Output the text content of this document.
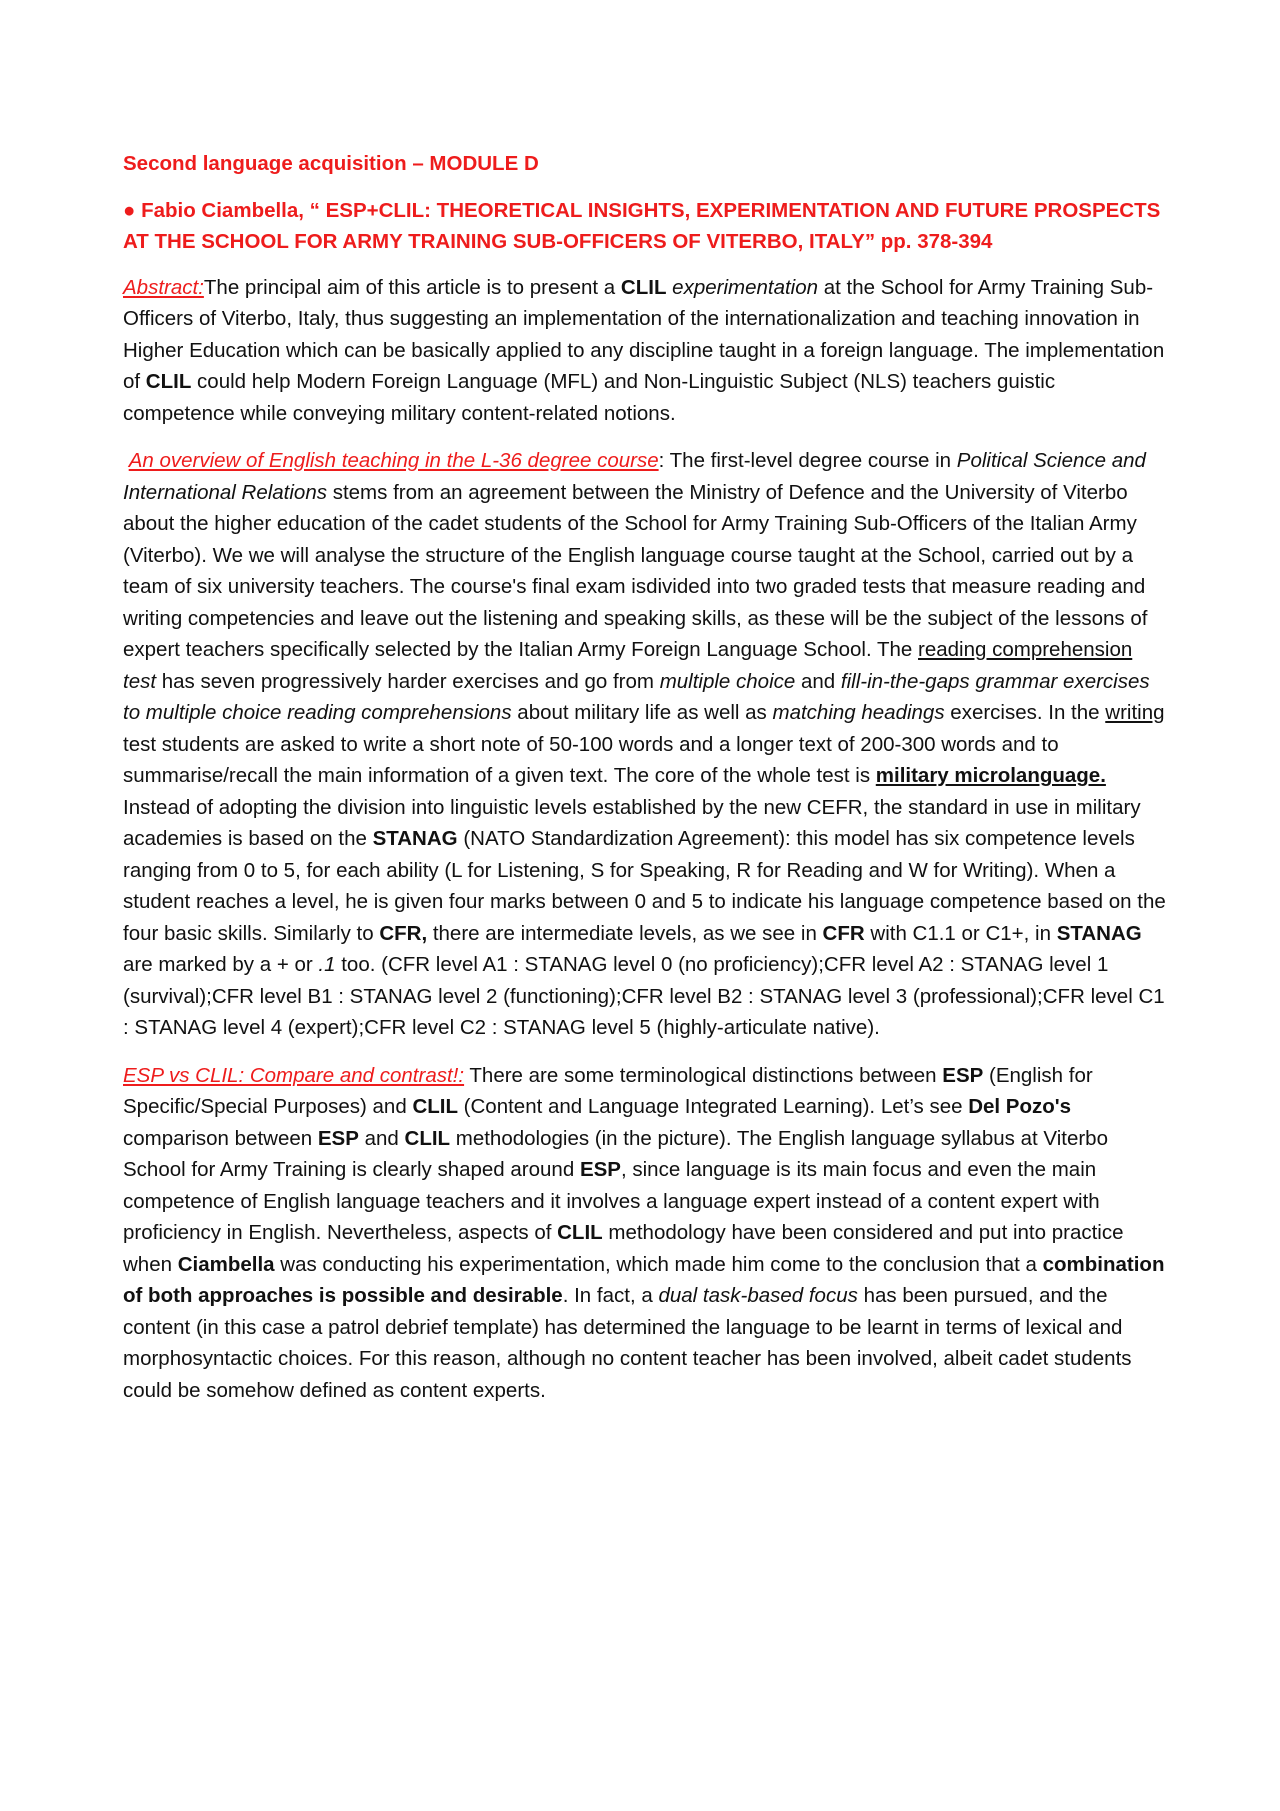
Second language acquisition – MODULE D

● Fabio Ciambella, “ ESP+CLIL: THEORETICAL INSIGHTS, EXPERIMENTATION AND FUTURE PROSPECTS AT THE SCHOOL FOR ARMY TRAINING SUB-OFFICERS OF VITERBO, ITALY” pp. 378-394

Abstract:The principal aim of this article is to present a CLIL experimentation at the School for Army Training Sub-Officers of Viterbo, Italy, thus suggesting an implementation of the internationalization and teaching innovation in Higher Education which can be basically applied to any discipline taught in a foreign language. The implementation of CLIL could help Modern Foreign Language (MFL) and Non-Linguistic Subject (NLS) teachers guistic competence while conveying military content-related notions.

An overview of English teaching in the L-36 degree course: The first-level degree course in Political Science and International Relations stems from an agreement between the Ministry of Defence and the University of Viterbo about the higher education of the cadet students of the School for Army Training Sub-Officers of the Italian Army (Viterbo). We we will analyse the structure of the English language course taught at the School, carried out by a team of six university teachers. The course's final exam isdivided into two graded tests that measure reading and writing competencies and leave out the listening and speaking skills, as these will be the subject of the lessons of expert teachers specifically selected by the Italian Army Foreign Language School. The reading comprehension test has seven progressively harder exercises and go from multiple choice and fill-in-the-gaps grammar exercises to multiple choice reading comprehensions about military life as well as matching headings exercises. In the writing test students are asked to write a short note of 50-100 words and a longer text of 200-300 words and to summarise/recall the main information of a given text. The core of the whole test is military microlanguage. Instead of adopting the division into linguistic levels established by the new CEFR, the standard in use in military academies is based on the STANAG (NATO Standardization Agreement): this model has six competence levels ranging from 0 to 5, for each ability (L for Listening, S for Speaking, R for Reading and W for Writing). When a student reaches a level, he is given four marks between 0 and 5 to indicate his language competence based on the four basic skills. Similarly to CFR, there are intermediate levels, as we see in CFR with C1.1 or C1+, in STANAG are marked by a + or .1 too. (CFR level A1 : STANAG level 0 (no proficiency);CFR level A2 : STANAG level 1 (survival);CFR level B1 : STANAG level 2 (functioning);CFR level B2 : STANAG level 3 (professional);CFR level C1 : STANAG level 4 (expert);CFR level C2 : STANAG level 5 (highly-articulate native).

ESP vs CLIL: Compare and contrast!: There are some terminological distinctions between ESP (English for Specific/Special Purposes) and CLIL (Content and Language Integrated Learning). Let’s see Del Pozo's comparison between ESP and CLIL methodologies (in the picture). The English language syllabus at Viterbo School for Army Training is clearly shaped around ESP, since language is its main focus and even the main competence of English language teachers and it involves a language expert instead of a content expert with proficiency in English. Nevertheless, aspects of CLIL methodology have been considered and put into practice when Ciambella was conducting his experimentation, which made him come to the conclusion that a combination of both approaches is possible and desirable. In fact, a dual task-based focus has been pursued, and the content (in this case a patrol debrief template) has determined the language to be learnt in terms of lexical and morphosyntactic choices. For this reason, although no content teacher has been involved, albeit cadet students could be somehow defined as content experts.
